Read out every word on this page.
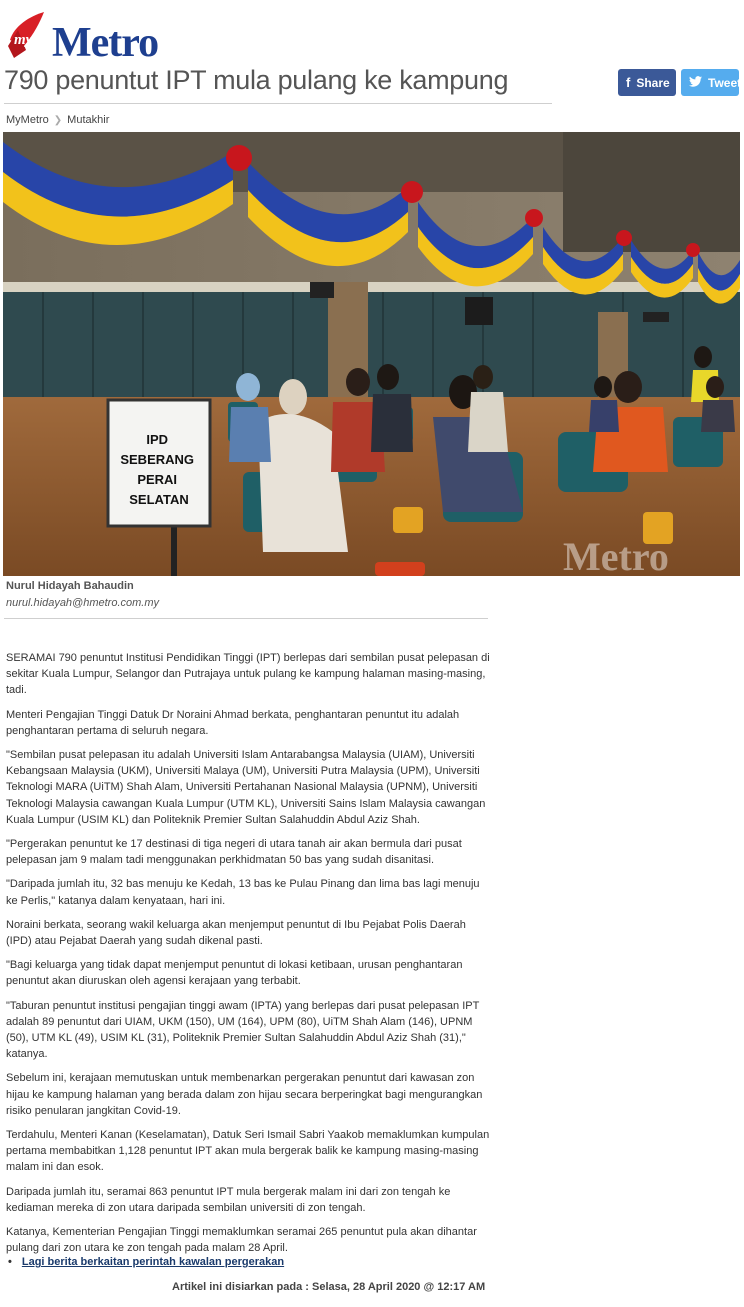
my Metro
790 penuntut IPT mula pulang ke kampung	f Share	Tweet
MyMetro ❯ Mutakhir
IPD SEBERANG PERAI SELATAN
Metro
Nurul Hidayah Bahaudin
nurul.hidayah@hmetro.com.my

SERAMAI 790 penuntut Institusi Pendidikan Tinggi (IPT) berlepas dari sembilan pusat pelepasan di sekitar Kuala Lumpur, Selangor dan Putrajaya untuk pulang ke kampung halaman masing-masing, tadi.

Menteri Pengajian Tinggi Datuk Dr Noraini Ahmad berkata, penghantaran penuntut itu adalah penghantaran pertama di seluruh negara.

"Sembilan pusat pelepasan itu adalah Universiti Islam Antarabangsa Malaysia (UIAM), Universiti Kebangsaan Malaysia (UKM), Universiti Malaya (UM), Universiti Putra Malaysia (UPM), Universiti Teknologi MARA (UiTM) Shah Alam, Universiti Pertahanan Nasional Malaysia (UPNM), Universiti Teknologi Malaysia cawangan Kuala Lumpur (UTM KL), Universiti Sains Islam Malaysia cawangan Kuala Lumpur (USIM KL) dan Politeknik Premier Sultan Salahuddin Abdul Aziz Shah.

"Pergerakan penuntut ke 17 destinasi di tiga negeri di utara tanah air akan bermula dari pusat pelepasan jam 9 malam tadi menggunakan perkhidmatan 50 bas yang sudah disanitasi.

"Daripada jumlah itu, 32 bas menuju ke Kedah, 13 bas ke Pulau Pinang dan lima bas lagi menuju ke Perlis," katanya dalam kenyataan, hari ini.

Noraini berkata, seorang wakil keluarga akan menjemput penuntut di Ibu Pejabat Polis Daerah (IPD) atau Pejabat Daerah yang sudah dikenal pasti.

"Bagi keluarga yang tidak dapat menjemput penuntut di lokasi ketibaan, urusan penghantaran penuntut akan diuruskan oleh agensi kerajaan yang terbabit.

"Taburan penuntut institusi pengajian tinggi awam (IPTA) yang berlepas dari pusat pelepasan IPT adalah 89 penuntut dari UIAM, UKM (150), UM (164), UPM (80), UiTM Shah Alam (146), UPNM (50), UTM KL (49), USIM KL (31), Politeknik Premier Sultan Salahuddin Abdul Aziz Shah (31)," katanya.

Sebelum ini, kerajaan memutuskan untuk membenarkan pergerakan penuntut dari kawasan zon hijau ke kampung halaman yang berada dalam zon hijau secara berperingkat bagi mengurangkan risiko penularan jangkitan Covid-19.

Terdahulu, Menteri Kanan (Keselamatan), Datuk Seri Ismail Sabri Yaakob memaklumkan kumpulan pertama membabitkan 1,128 penuntut IPT akan mula bergerak balik ke kampung masing-masing malam ini dan esok.

Daripada jumlah itu, seramai 863 penuntut IPT mula bergerak malam ini dari zon tengah ke kediaman mereka di zon utara daripada sembilan universiti di zon tengah.

Katanya, Kementerian Pengajian Tinggi memaklumkan seramai 265 penuntut pula akan dihantar pulang dari zon utara ke zon tengah pada malam 28 April.

• Lagi berita berkaitan perintah kawalan pergerakan
Artikel ini disiarkan pada : Selasa, 28 April 2020 @ 12:17 AM
